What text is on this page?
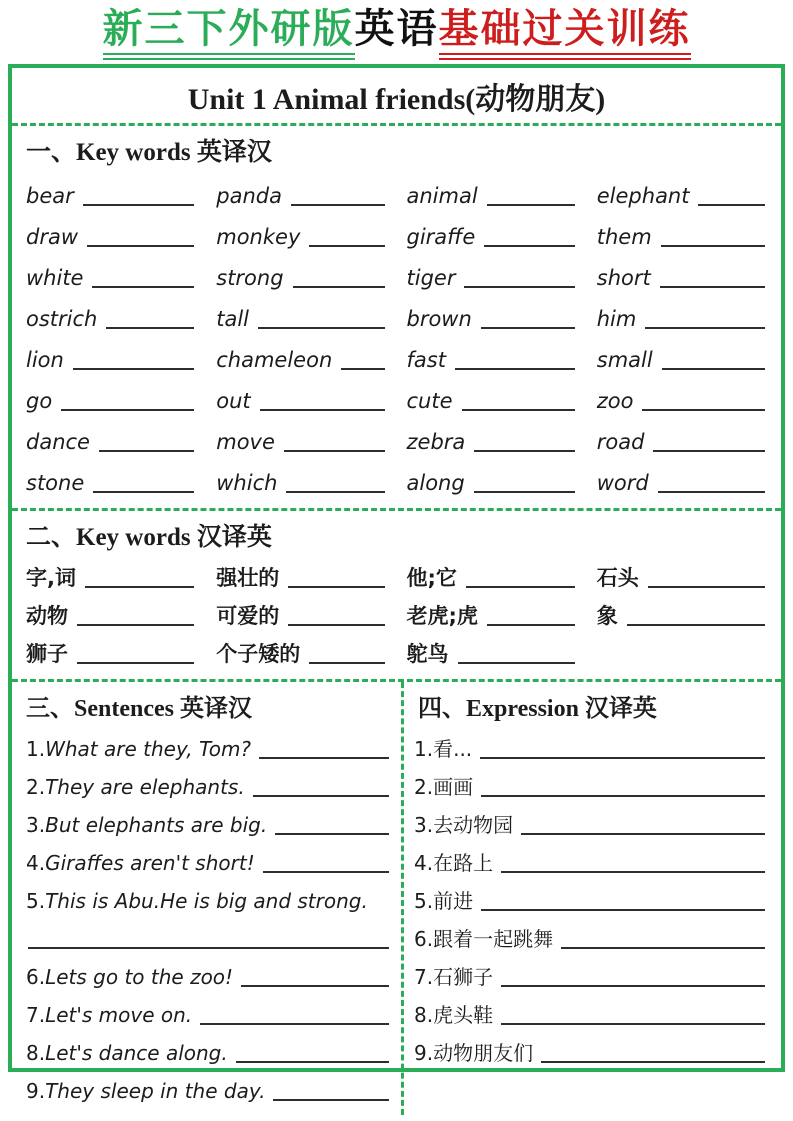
新三下外研版 英语 基础过关训练
Unit 1 Animal friends(动物朋友)
一、Key words 英译汉
bear	panda	animal	elephant
draw	monkey	giraffe	them
white	strong	tiger	short
ostrich	tall	brown	him
lion	chameleon	fast	small
go	out	cute	zoo
dance	move	zebra	road
stone	which	along	word
二、Key words 汉译英
字,词	强壮的	他;它	石头
动物	可爱的	老虎;虎	象
狮子	个子矮的	鸵鸟
三、Sentences 英译汉
1. What are they, Tom?
2. They are elephants.
3. But elephants are big.
4. Giraffes aren't short!
5. This is Abu.He is big and strong.
6. Lets go to the zoo!
7. Let's move on.
8. Let's dance along.
9. They sleep in the day.
四、Expression 汉译英
1. 看...
2. 画画
3. 去动物园
4. 在路上
5. 前进
6. 跟着一起跳舞
7. 石狮子
8. 虎头鞋
9. 动物朋友们
